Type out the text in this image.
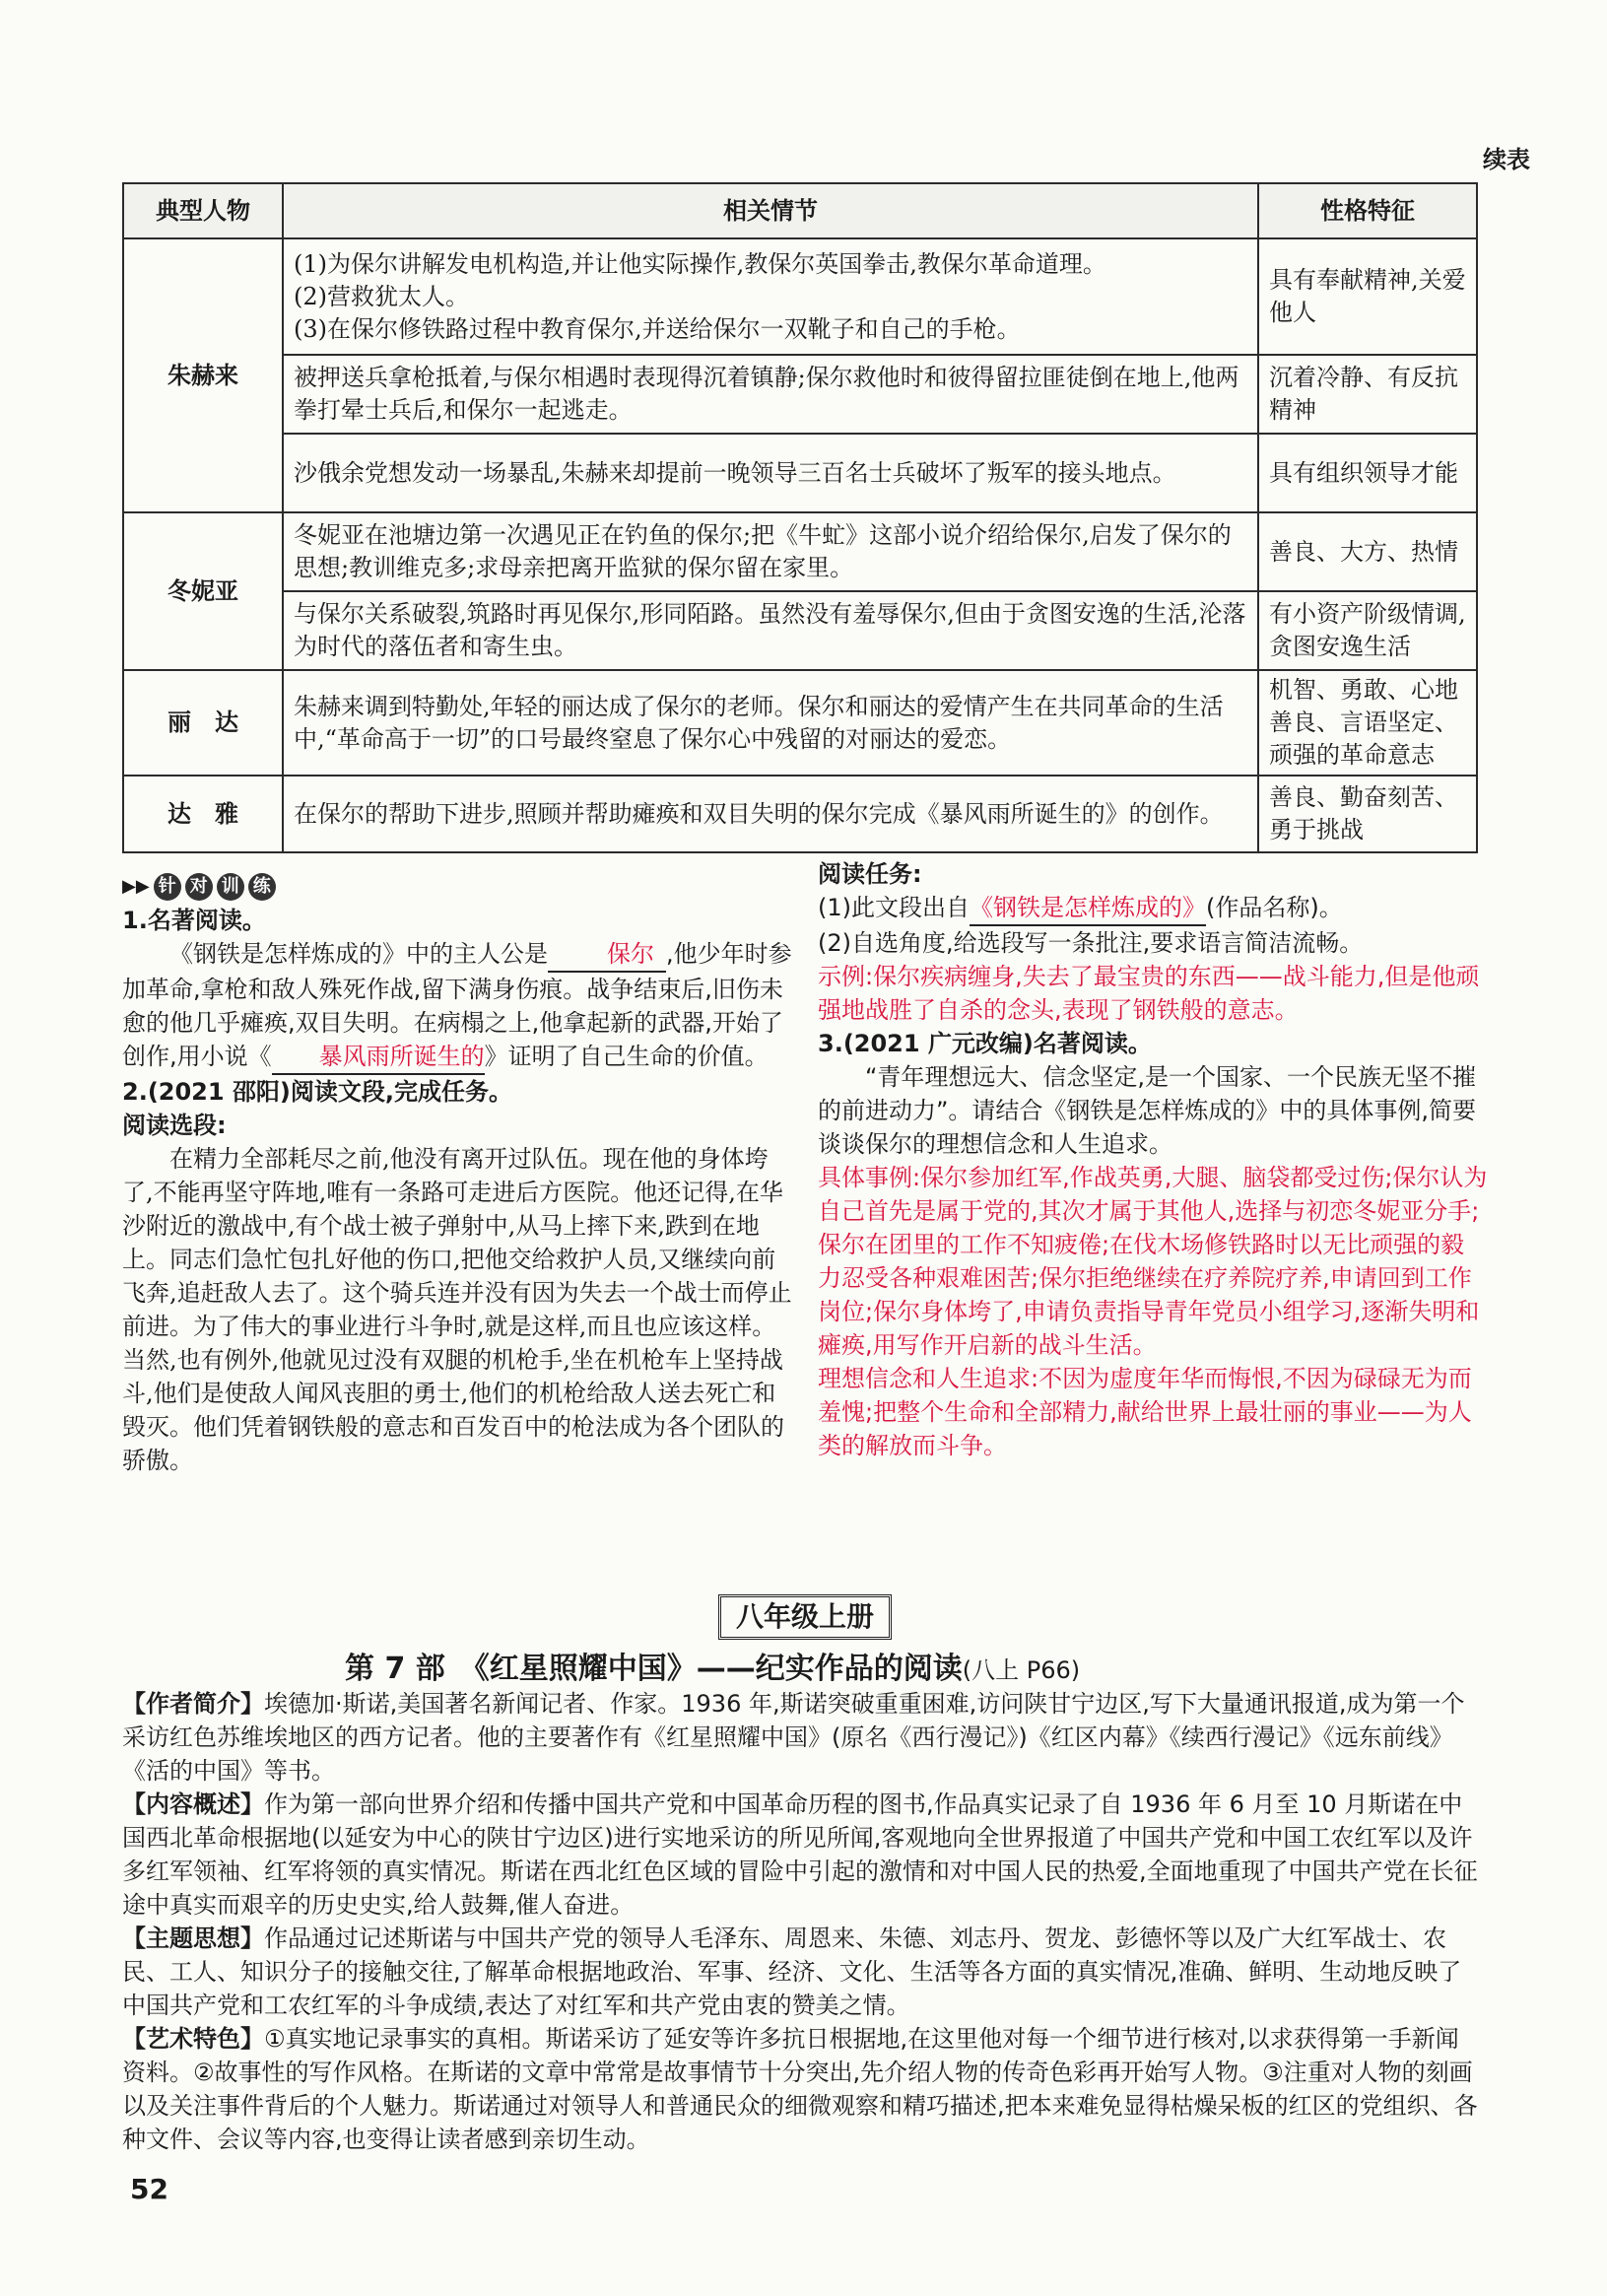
续表
典型人物	相关情节	性格特征
朱赫来	(1)为保尔讲解发电机构造,并让他实际操作,教保尔英国拳击,教保尔革命道理。
(2)营救犹太人。
(3)在保尔修铁路过程中教育保尔,并送给保尔一双靴子和自己的手枪。	具有奉献精神,关爱他人
	被押送兵拿枪抵着,与保尔相遇时表现得沉着镇静;保尔救他时和彼得留拉匪徒倒在地上,他两拳打晕士兵后,和保尔一起逃走。	沉着冷静、有反抗精神
	沙俄余党想发动一场暴乱,朱赫来却提前一晚领导三百名士兵破坏了叛军的接头地点。	具有组织领导才能
冬妮亚	冬妮亚在池塘边第一次遇见正在钓鱼的保尔;把《牛虻》这部小说介绍给保尔,启发了保尔的思想;教训维克多;求母亲把离开监狱的保尔留在家里。	善良、大方、热情
	与保尔关系破裂,筑路时再见保尔,形同陌路。虽然没有羞辱保尔,但由于贪图安逸的生活,沦落为时代的落伍者和寄生虫。	有小资产阶级情调,贪图安逸生活
丽　达	朱赫来调到特勤处,年轻的丽达成了保尔的老师。保尔和丽达的爱情产生在共同革命的生活中,“革命高于一切”的口号最终窒息了保尔心中残留的对丽达的爱恋。	机智、勇敢、心地善良、言语坚定、顽强的革命意志
达　雅	在保尔的帮助下进步,照顾并帮助瘫痪和双目失明的保尔完成《暴风雨所诞生的》的创作。	善良、勤奋刻苦、勇于挑战
▶▶ 针 对 训 练

1.名著阅读。

《钢铁是怎样炼成的》中的主人公是	保尔 ,他少年时参加革命,拿枪和敌人殊死作战,留下满身伤痕。战争结束后,旧伤未愈的他几乎瘫痪,双目失明。在病榻之上,他拿起新的武器,开始了创作,用小说《 暴风雨所诞生的》证明了自己生命的价值。

2.(2021 邵阳)阅读文段,完成任务。

阅读选段:

在精力全部耗尽之前,他没有离开过队伍。现在他的身体垮了,不能再坚守阵地,唯有一条路可走进后方医院。他还记得,在华沙附近的激战中,有个战士被子弹射中,从马上摔下来,跌到在地上。同志们急忙包扎好他的伤口,把他交给救护人员,又继续向前飞奔,追赶敌人去了。这个骑兵连并没有因为失去一个战士而停止前进。为了伟大的事业进行斗争时,就是这样,而且也应该这样。当然,也有例外,他就见过没有双腿的机枪手,坐在机枪车上坚持战斗,他们是使敌人闻风丧胆的勇士,他们的机枪给敌人送去死亡和毁灭。他们凭着钢铁般的意志和百发百中的枪法成为各个团队的骄傲。

阅读任务:

(1)此文段出自《钢铁是怎样炼成的》(作品名称)。

(2)自选角度,给选段写一条批注,要求语言简洁流畅。

示例:保尔疾病缠身,失去了最宝贵的东西——战斗能力,但是他顽强地战胜了自杀的念头,表现了钢铁般的意志。

3.(2021 广元改编)名著阅读。

“青年理想远大、信念坚定,是一个国家、一个民族无坚不摧的前进动力”。请结合《钢铁是怎样炼成的》中的具体事例,简要谈谈保尔的理想信念和人生追求。

具体事例:保尔参加红军,作战英勇,大腿、脑袋都受过伤;保尔认为自己首先是属于党的,其次才属于其他人,选择与初恋冬妮亚分手;保尔在团里的工作不知疲倦;在伐木场修铁路时以无比顽强的毅力忍受各种艰难困苦;保尔拒绝继续在疗养院疗养,申请回到工作岗位;保尔身体垮了,申请负责指导青年党员小组学习,逐渐失明和瘫痪,用写作开启新的战斗生活。

理想信念和人生追求:不因为虚度年华而悔恨,不因为碌碌无为而羞愧;把整个生命和全部精力,献给世界上最壮丽的事业——为人类的解放而斗争。

八年级上册
第 7 部　《红星照耀中国》——纪实作品的阅读(八上 P66)

【作者简介】埃德加·斯诺,美国著名新闻记者、作家。1936 年,斯诺突破重重困难,访问陕甘宁边区,写下大量通讯报道,成为第一个采访红色苏维埃地区的西方记者。他的主要著作有《红星照耀中国》(原名《西行漫记》)《红区内幕》《续西行漫记》《远东前线》《活的中国》等书。

【内容概述】作为第一部向世界介绍和传播中国共产党和中国革命历程的图书,作品真实记录了自 1936 年 6 月至 10 月斯诺在中国西北革命根据地(以延安为中心的陕甘宁边区)进行实地采访的所见所闻,客观地向全世界报道了中国共产党和中国工农红军以及许多红军领袖、红军将领的真实情况。斯诺在西北红色区域的冒险中引起的激情和对中国人民的热爱,全面地重现了中国共产党在长征途中真实而艰辛的历史史实,给人鼓舞,催人奋进。

【主题思想】作品通过记述斯诺与中国共产党的领导人毛泽东、周恩来、朱德、刘志丹、贺龙、彭德怀等以及广大红军战士、农民、工人、知识分子的接触交往,了解革命根据地政治、军事、经济、文化、生活等各方面的真实情况,准确、鲜明、生动地反映了中国共产党和工农红军的斗争成绩,表达了对红军和共产党由衷的赞美之情。

【艺术特色】①真实地记录事实的真相。斯诺采访了延安等许多抗日根据地,在这里他对每一个细节进行核对,以求获得第一手新闻资料。②故事性的写作风格。在斯诺的文章中常常是故事情节十分突出,先介绍人物的传奇色彩再开始写人物。③注重对人物的刻画以及关注事件背后的个人魅力。斯诺通过对领导人和普通民众的细微观察和精巧描述,把本来难免显得枯燥呆板的红区的党组织、各种文件、会议等内容,也变得让读者感到亲切生动。

52
